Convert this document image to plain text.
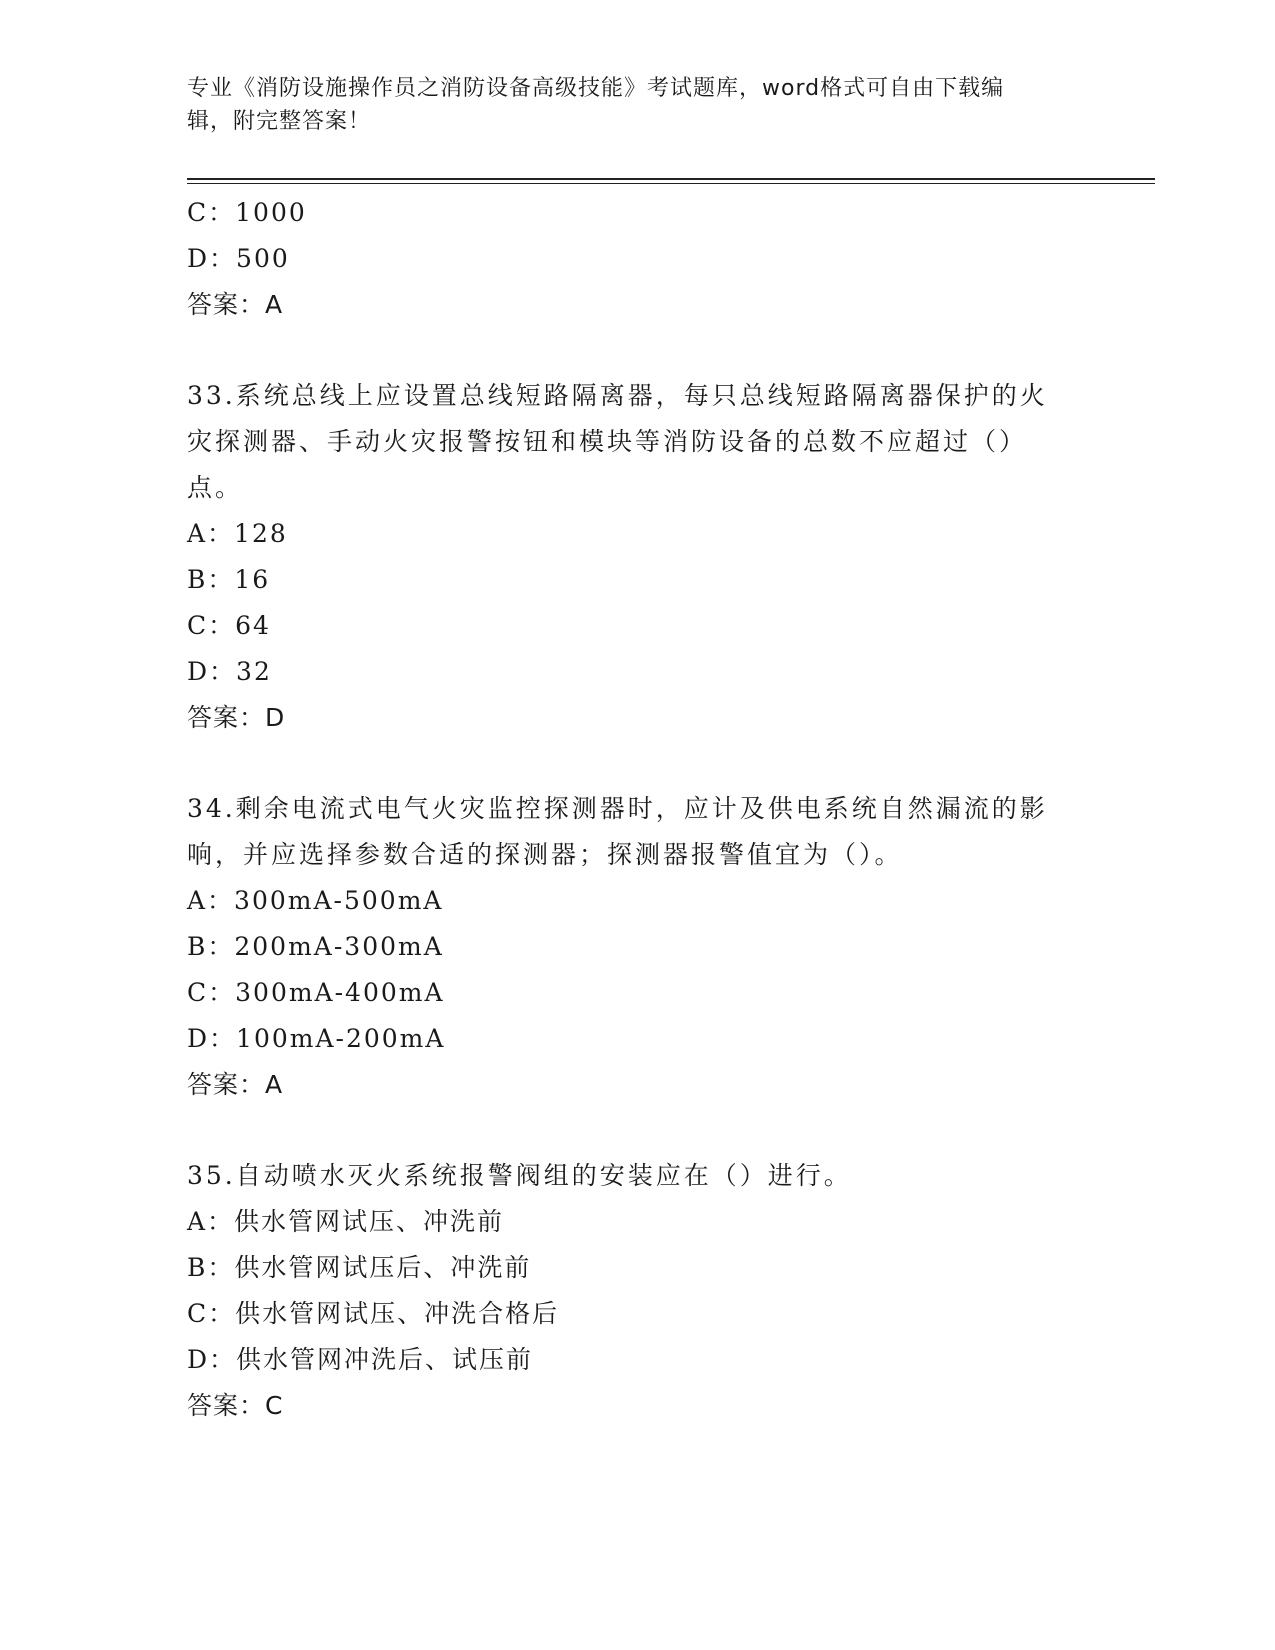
专业《消防设施操作员之消防设备高级技能》考试题库，word格式可自由下载编
辑，附完整答案！
C：1000
D：500
答案：A
33.系统总线上应设置总线短路隔离器，每只总线短路隔离器保护的火
灾探测器、手动火灾报警按钮和模块等消防设备的总数不应超过（）
点。
A：128
B：16
C：64
D：32
答案：D
34.剩余电流式电气火灾监控探测器时，应计及供电系统自然漏流的影
响，并应选择参数合适的探测器；探测器报警值宜为（）。
A：300mA-500mA
B：200mA-300mA
C：300mA-400mA
D：100mA-200mA
答案：A
35.自动喷水灭火系统报警阀组的安装应在（）进行。
A：供水管网试压、冲洗前
B：供水管网试压后、冲洗前
C：供水管网试压、冲洗合格后
D：供水管网冲洗后、试压前
答案：C
